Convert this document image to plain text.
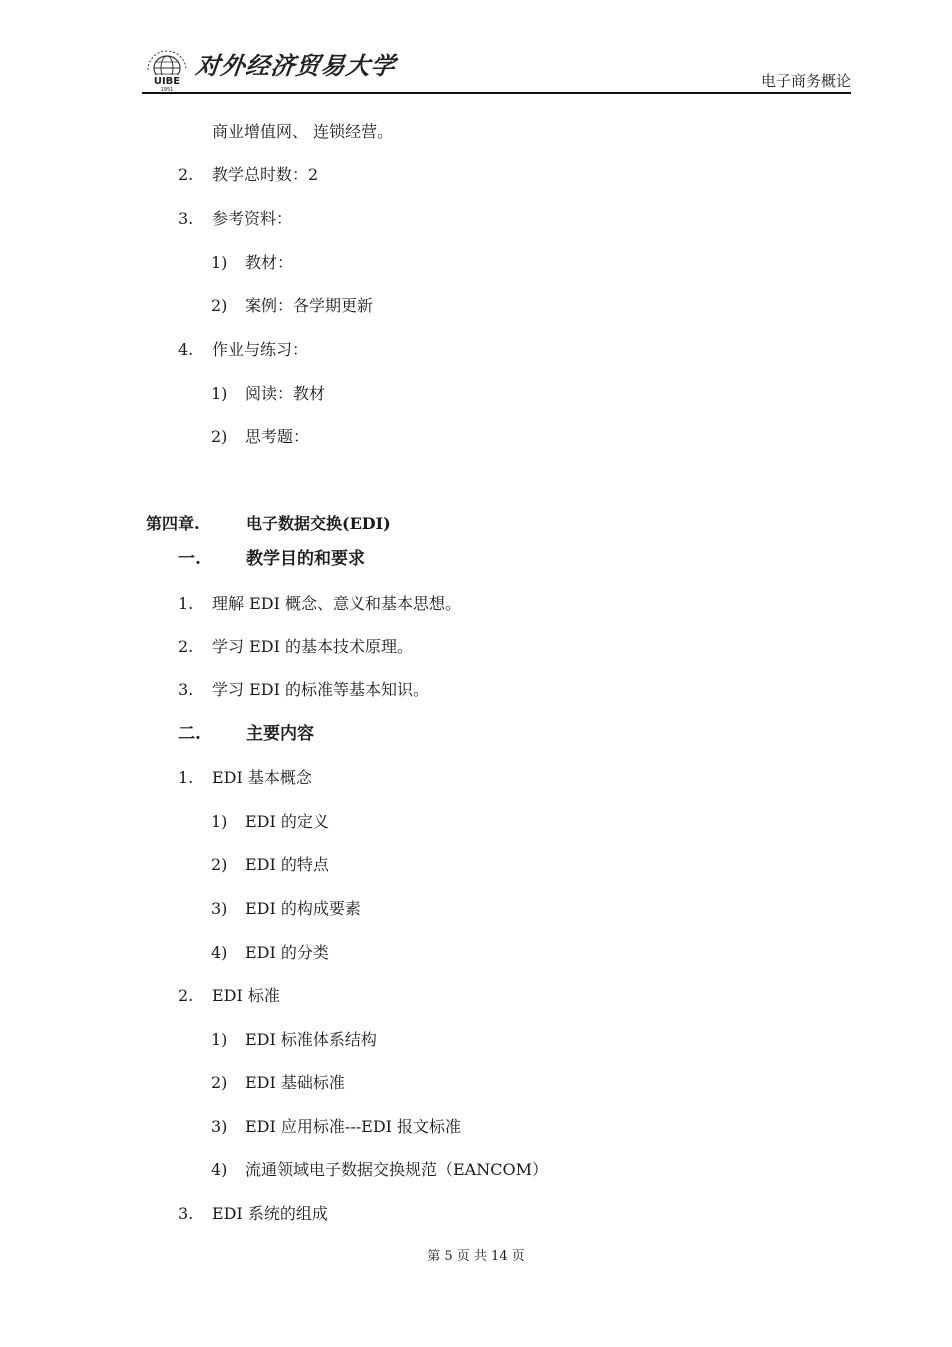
UIBE
1951
对外经济贸易大学
电子商务概论
商业增值网、 连锁经营。
2. 教学总时数：2
3. 参考资料：
1) 教材：
2) 案例：各学期更新
4. 作业与练习：
1) 阅读：教材
2) 思考题：
第四章.	电子数据交换(EDI)
一.	教学目的和要求
1. 理解 EDI 概念、意义和基本思想。
2. 学习 EDI 的基本技术原理。
3. 学习 EDI 的标准等基本知识。
二.	主要内容
1. EDI 基本概念
1) EDI 的定义
2) EDI 的特点
3) EDI 的构成要素
4) EDI 的分类
2. EDI 标准
1) EDI 标准体系结构
2) EDI 基础标准
3) EDI 应用标准---EDI 报文标准
4) 流通领域电子数据交换规范（EANCOM）
3. EDI 系统的组成
第 5 页 共 14 页
